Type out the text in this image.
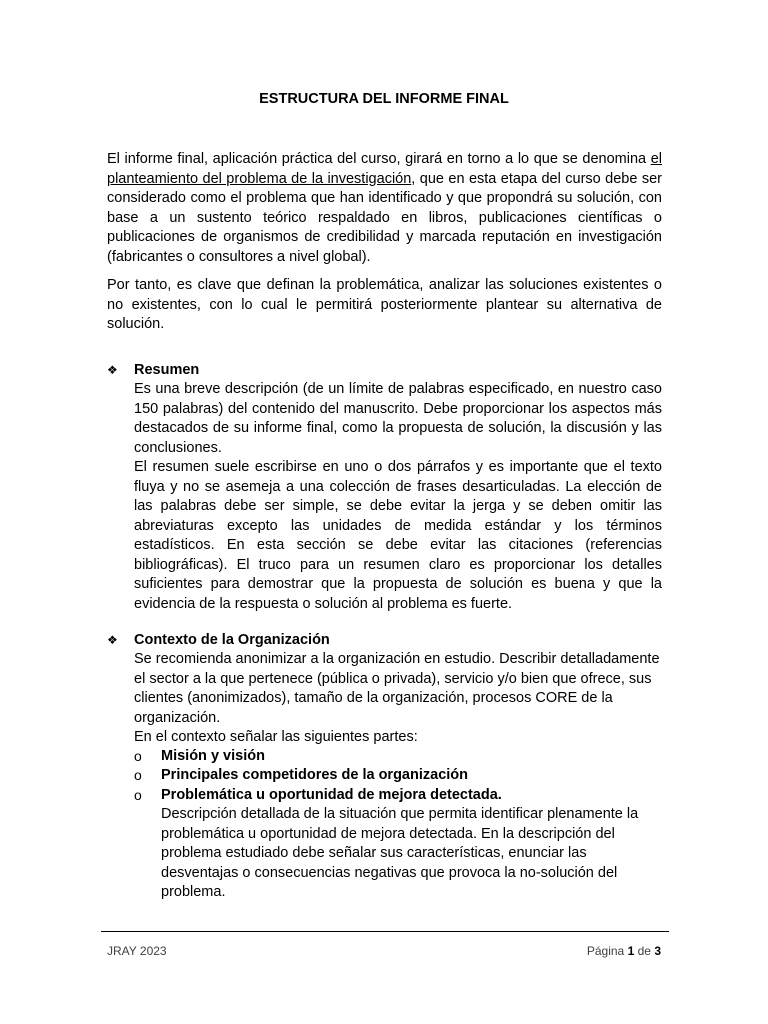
ESTRUCTURA DEL INFORME FINAL
El informe final, aplicación práctica del curso, girará en torno a lo que se denomina el planteamiento del problema de la investigación, que en esta etapa del curso debe ser considerado como el problema que han identificado y que propondrá su solución, con base a un sustento teórico respaldado en libros, publicaciones científicas o publicaciones de organismos de credibilidad y marcada reputación en investigación (fabricantes o consultores a nivel global).
Por tanto, es clave que definan la problemática, analizar las soluciones existentes o no existentes, con lo cual le permitirá posteriormente plantear su alternativa de solución.
❖ Resumen
Es una breve descripción (de un límite de palabras especificado, en nuestro caso 150 palabras) del contenido del manuscrito. Debe proporcionar los aspectos más destacados de su informe final, como la propuesta de solución, la discusión y las conclusiones.
El resumen suele escribirse en uno o dos párrafos y es importante que el texto fluya y no se asemeja a una colección de frases desarticuladas. La elección de las palabras debe ser simple, se debe evitar la jerga y se deben omitir las abreviaturas excepto las unidades de medida estándar y los términos estadísticos. En esta sección se debe evitar las citaciones (referencias bibliográficas). El truco para un resumen claro es proporcionar los detalles suficientes para demostrar que la propuesta de solución es buena y que la evidencia de la respuesta o solución al problema es fuerte.
❖ Contexto de la Organización
Se recomienda anonimizar a la organización en estudio. Describir detalladamente el sector a la que pertenece (pública o privada), servicio y/o bien que ofrece, sus clientes (anonimizados), tamaño de la organización, procesos CORE de la organización.
En el contexto señalar las siguientes partes:
o Misión y visión
o Principales competidores de la organización
o Problemática u oportunidad de mejora detectada.
Descripción detallada de la situación que permita identificar plenamente la problemática u oportunidad de mejora detectada. En la descripción del problema estudiado debe señalar sus características, enunciar las desventajas o consecuencias negativas que provoca la no-solución del problema.
JRAY 2023	Página 1 de 3
